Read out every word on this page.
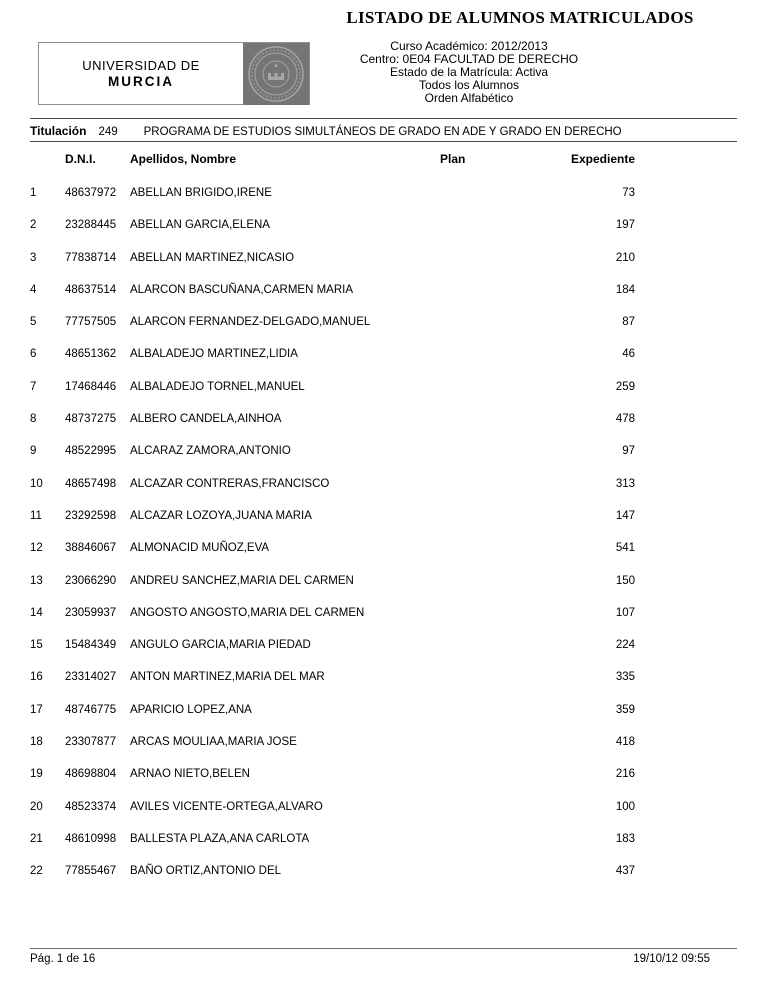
LISTADO DE ALUMNOS MATRICULADOS
UNIVERSIDAD DE
MURCIA
Curso Académico: 2012/2013
Centro: 0E04 FACULTAD DE DERECHO
Estado de la Matrícula: Activa
Todos los Alumnos
Orden Alfabético
Titulación 249 PROGRAMA DE ESTUDIOS SIMULTÁNEOS DE GRADO EN ADE Y GRADO EN DERECHO
D.N.I.	Apellidos, Nombre	Plan	Expediente
1	48637972	ABELLAN BRIGIDO,IRENE	73
2	23288445	ABELLAN GARCIA,ELENA	197
3	77838714	ABELLAN MARTINEZ,NICASIO	210
4	48637514	ALARCON BASCUÑANA,CARMEN MARIA	184
5	77757505	ALARCON FERNANDEZ-DELGADO,MANUEL	87
6	48651362	ALBALADEJO MARTINEZ,LIDIA	46
7	17468446	ALBALADEJO TORNEL,MANUEL	259
8	48737275	ALBERO CANDELA,AINHOA	478
9	48522995	ALCARAZ ZAMORA,ANTONIO	97
10	48657498	ALCAZAR CONTRERAS,FRANCISCO	313
11	23292598	ALCAZAR LOZOYA,JUANA MARIA	147
12	38846067	ALMONACID MUÑOZ,EVA	541
13	23066290	ANDREU SANCHEZ,MARIA DEL CARMEN	150
14	23059937	ANGOSTO ANGOSTO,MARIA DEL CARMEN	107
15	15484349	ANGULO GARCIA,MARIA PIEDAD	224
16	23314027	ANTON MARTINEZ,MARIA DEL MAR	335
17	48746775	APARICIO LOPEZ,ANA	359
18	23307877	ARCAS MOULIAA,MARIA JOSE	418
19	48698804	ARNAO NIETO,BELEN	216
20	48523374	AVILES VICENTE-ORTEGA,ALVARO	100
21	48610998	BALLESTA PLAZA,ANA CARLOTA	183
22	77855467	BAÑO ORTIZ,ANTONIO DEL	437
Pág. 1 de 16	19/10/12 09:55
